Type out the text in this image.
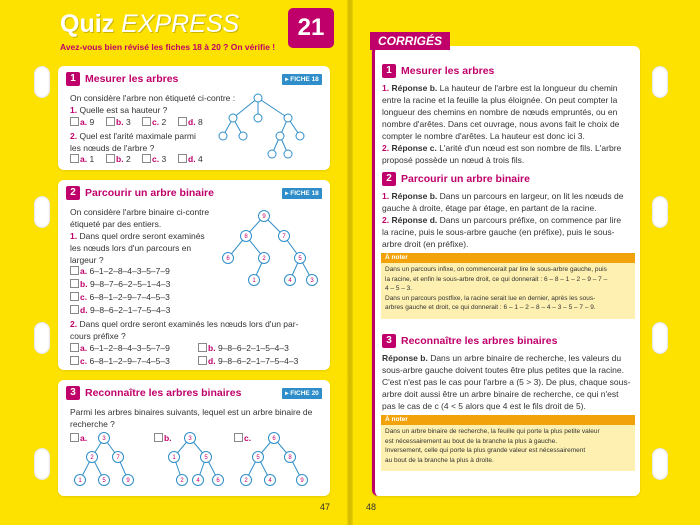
Quiz EXPRESS
Avez-vous bien révisé les fiches 18 à 20 ? On vérifie !
21
1 Mesurer les arbres	▸ FICHE 18
On considère l'arbre non étiqueté ci-contre :
1. Quelle est sa hauteur ?
a. 9	b. 3	c. 2	d. 8
2. Quel est l'arité maximale parmi
les nœuds de l'arbre ?
a. 1	b. 2	c. 3	d. 4
2 Parcourir un arbre binaire	▸ FICHE 18
On considère l'arbre binaire ci-contre
étiqueté par des entiers.
1. Dans quel ordre seront examinés
les nœuds lors d'un parcours en
largeur ?
a. 6–1–2–8–4–3–5–7–9
b. 9–8–7–6–2–5–1–4–3
c. 6–8–1–2–9–7–4–5–3
d. 9–8–6–2–1–7–5–4–3
2. Dans quel ordre seront examinés les nœuds lors d'un par-
cours préfixe ?
a. 6–1–2–8–4–3–5–7–9	b. 9–8–6–2–1–5–4–3
c. 6–8–1–2–9–7–4–5–3	d. 9–8–6–2–1–7–5–4–3
9
8	7
6	2	5
1	4	3
3 Reconnaître les arbres binaires	▸ FICHE 20
Parmi les arbres binaires suivants, lequel est un arbre binaire de
recherche ?
a.	b.	c.
3
2	7
1	5	9
3
1	5
2 4	6
6
5	8
2	4	9
47
CORRIGÉS
1 Mesurer les arbres
1. Réponse b. La hauteur de l'arbre est la longueur du chemin
entre la racine et la feuille la plus éloignée. On peut compter la
longueur des chemins en nombre de nœuds empruntés, ou en
nombre d'arêtes. Dans cet ouvrage, nous avons fait le choix de
compter le nombre d'arêtes. La hauteur est donc ici 3.
2. Réponse c. L'arité d'un nœud est son nombre de fils. L'arbre
proposé possède un nœud à trois fils.
2 Parcourir un arbre binaire
1. Réponse b. Dans un parcours en largeur, on lit les nœuds de
gauche à droite, étage par étage, en partant de la racine.
2. Réponse d. Dans un parcours préfixe, on commence par lire
la racine, puis le sous-arbre gauche (en préfixe), puis le sous-
arbre droit (en préfixe).
À noter
Dans un parcours infixe, on commencerait par lire le sous-arbre gauche, puis
la racine, et enfin le sous-arbre droit, ce qui donnerait : 6 – 8 – 1 – 2 – 9 – 7 –
4 – 5 – 3.
Dans un parcours postfixe, la racine serait lue en dernier, après les sous-
arbres gauche et droit, ce qui donnerait : 6 – 1 – 2 – 8 – 4 – 3 – 5 – 7 – 9.
3 Reconnaître les arbres binaires
Réponse b. Dans un arbre binaire de recherche, les valeurs du
sous-arbre gauche doivent toutes être plus petites que la racine.
C'est n'est pas le cas pour l'arbre a (5 > 3). De plus, chaque sous-
arbre doit aussi être un arbre binaire de recherche, ce qui n'est
pas le cas de c (4 < 5 alors que 4 est le fils droit de 5).
À noter
Dans un arbre binaire de recherche, la feuille qui porte la plus petite valeur
est nécessairement au bout de la branche la plus à gauche.
Inversement, celle qui porte la plus grande valeur est nécessairement
au bout de la branche la plus à droite.
48
